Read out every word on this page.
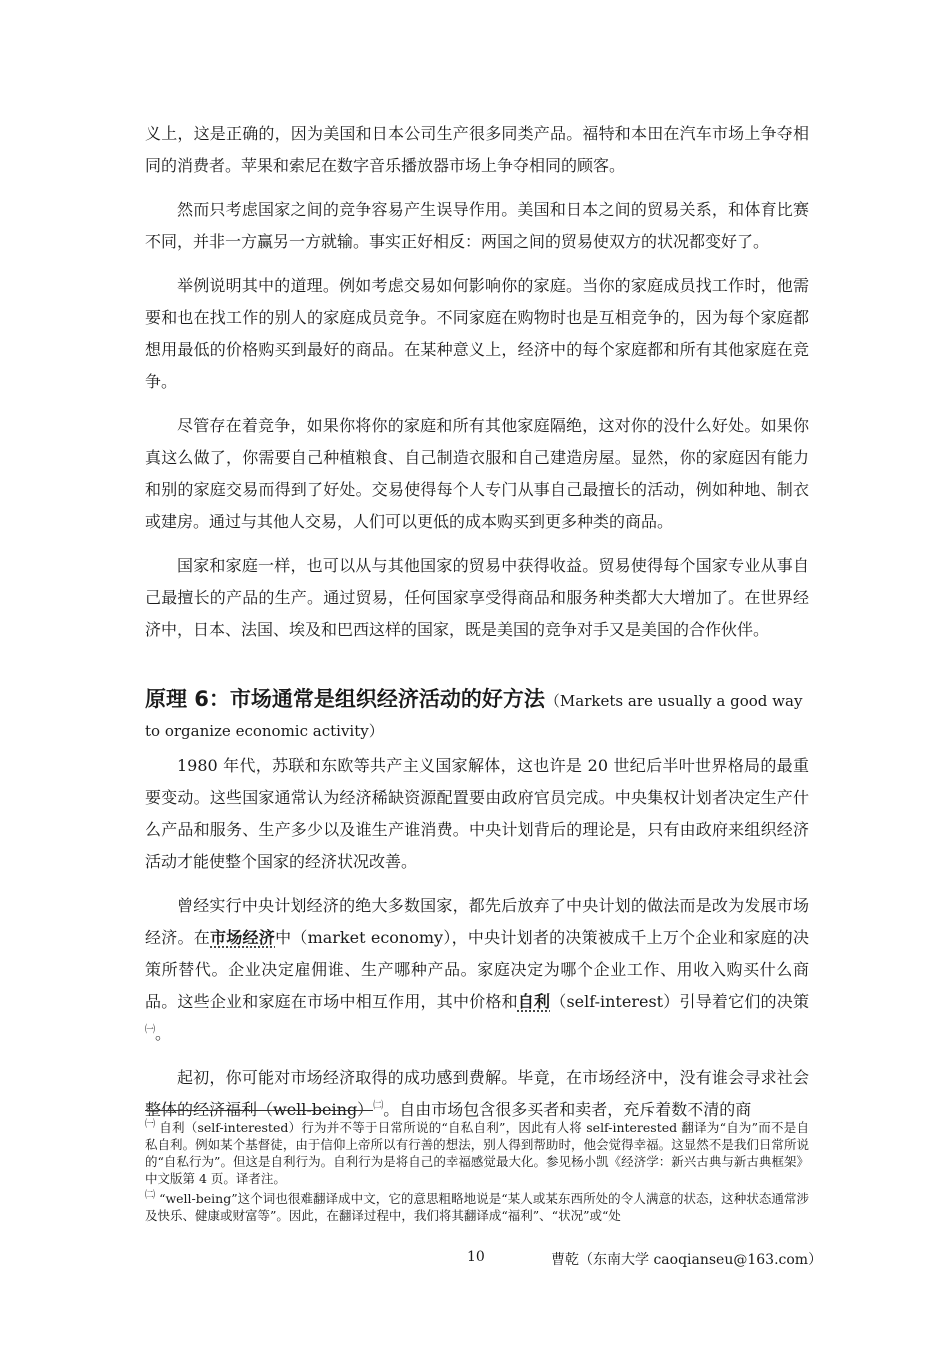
义上，这是正确的，因为美国和日本公司生产很多同类产品。福特和本田在汽车市场上争夺相同的消费者。苹果和索尼在数字音乐播放器市场上争夺相同的顾客。

然而只考虑国家之间的竞争容易产生误导作用。美国和日本之间的贸易关系，和体育比赛不同，并非一方赢另一方就输。事实正好相反：两国之间的贸易使双方的状况都变好了。

举例说明其中的道理。例如考虑交易如何影响你的家庭。当你的家庭成员找工作时，他需要和也在找工作的别人的家庭成员竞争。不同家庭在购物时也是互相竞争的，因为每个家庭都想用最低的价格购买到最好的商品。在某种意义上，经济中的每个家庭都和所有其他家庭在竞争。

尽管存在着竞争，如果你将你的家庭和所有其他家庭隔绝，这对你的没什么好处。如果你真这么做了，你需要自己种植粮食、自己制造衣服和自己建造房屋。显然，你的家庭因有能力和别的家庭交易而得到了好处。交易使得每个人专门从事自己最擅长的活动，例如种地、制衣或建房。通过与其他人交易，人们可以更低的成本购买到更多种类的商品。

国家和家庭一样，也可以从与其他国家的贸易中获得收益。贸易使得每个国家专业从事自己最擅长的产品的生产。通过贸易，任何国家享受得商品和服务种类都大大增加了。在世界经济中，日本、法国、埃及和巴西这样的国家，既是美国的竞争对手又是美国的合作伙伴。

原理 6：市场通常是组织经济活动的好方法（Markets are usually a good way to organize economic activity）

1980 年代，苏联和东欧等共产主义国家解体，这也许是 20 世纪后半叶世界格局的最重要变动。这些国家通常认为经济稀缺资源配置要由政府官员完成。中央集权计划者决定生产什么产品和服务、生产多少以及谁生产谁消费。中央计划背后的理论是，只有由政府来组织经济活动才能使整个国家的经济状况改善。

曾经实行中央计划经济的绝大多数国家，都先后放弃了中央计划的做法而是改为发展市场经济。在市场经济中（market economy），中央计划者的决策被成千上万个企业和家庭的决策所替代。企业决定雇佣谁、生产哪种产品。家庭决定为哪个企业工作、用收入购买什么商品。这些企业和家庭在市场中相互作用，其中价格和自利（self-interest）引导着它们的决策$^㈠$。

起初，你可能对市场经济取得的成功感到费解。毕竟，在市场经济中，没有谁会寻求社会整体的经济福利（well-being）$^㈡$。自由市场包含很多买者和卖者，充斥着数不清的商

$^㈠$ 自利（self-interested）行为并不等于日常所说的“自私自利”，因此有人将 self-interested 翻译为“自为”而不是自私自利。例如某个基督徒，由于信仰上帝所以有行善的想法，别人得到帮助时，他会觉得幸福。这显然不是我们日常所说的“自私行为”。但这是自利行为。自利行为是将自己的幸福感觉最大化。参见杨小凯《经济学：新兴古典与新古典框架》中文版第 4 页。译者注。
$^㈡$ “well-being”这个词也很难翻译成中文，它的意思粗略地说是“某人或某东西所处的令人满意的状态，这种状态通常涉及快乐、健康或财富等”。因此，在翻译过程中，我们将其翻译成“福利”、“状况”或“处
10	曹乾（东南大学 caoqianseu@163.com）
